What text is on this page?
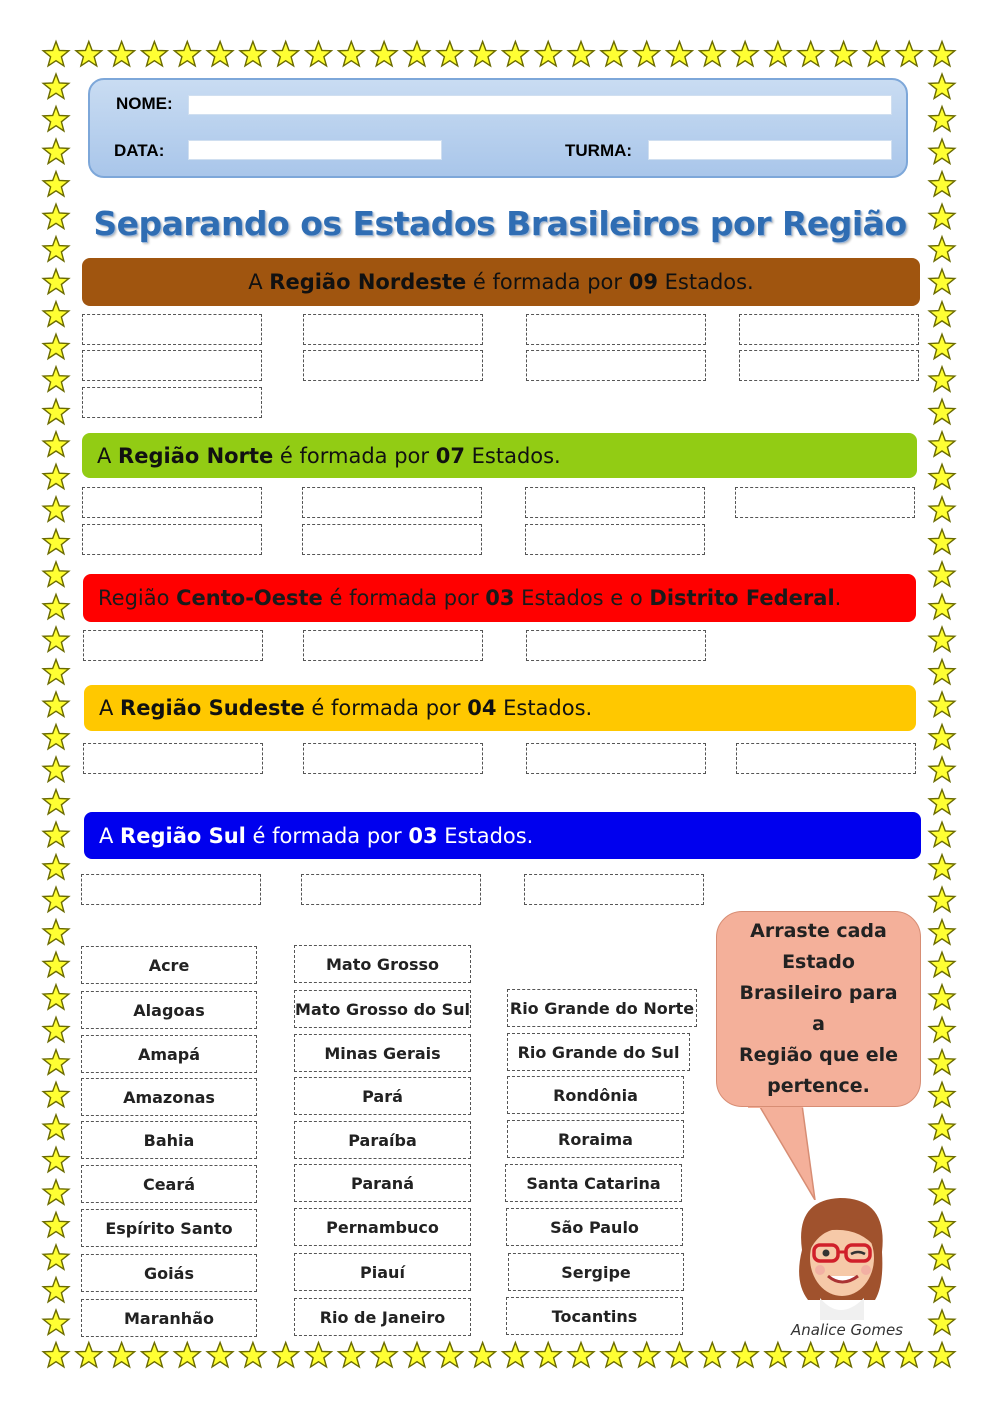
NOME:
DATA:	TURMA:
Separando os Estados Brasileiros por Região
A Região Nordeste é formada por 09 Estados.
A Região Norte é formada por 07 Estados.
Região Cento-Oeste é formada por 03 Estados e o Distrito Federal.
A Região Sudeste é formada por 04 Estados.
A Região Sul é formada por 03 Estados.
Acre
Alagoas
Amapá
Amazonas
Bahia
Ceará
Espírito Santo
Goiás
Maranhão
Mato Grosso
Mato Grosso do Sul
Minas Gerais
Pará
Paraíba
Paraná
Pernambuco
Piauí
Rio de Janeiro
Rio Grande do Norte
Rio Grande do Sul
Rondônia
Roraima
Santa Catarina
São Paulo
Sergipe
Tocantins
Arraste cada
Estado
Brasileiro para a
Região que ele
pertence.
Analice Gomes
